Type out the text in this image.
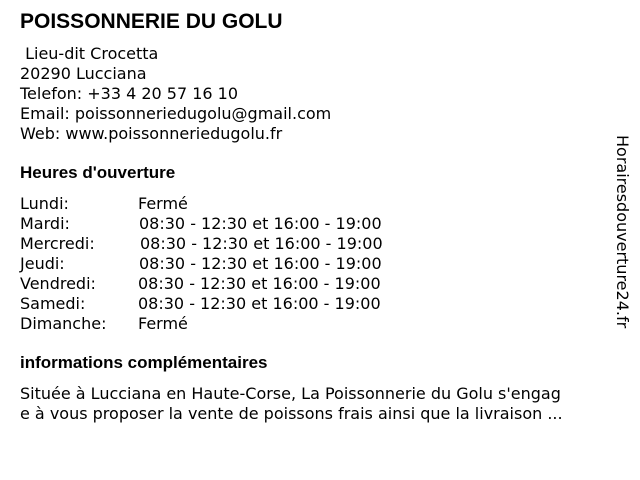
POISSONNERIE DU GOLU
Lieu-dit Crocetta
20290 Lucciana
Telefon: +33 4 20 57 16 10
Email: poissonneriedugolu@gmail.com
Web: www.poissonneriedugolu.fr
Heures d'ouverture
Lundi:	Fermé
Mardi:	08:30 - 12:30 et 16:00 - 19:00
Mercredi:	08:30 - 12:30 et 16:00 - 19:00
Jeudi:	08:30 - 12:30 et 16:00 - 19:00
Vendredi:	08:30 - 12:30 et 16:00 - 19:00
Samedi:	08:30 - 12:30 et 16:00 - 19:00
Dimanche: Fermé
informations complémentaires
Située à Lucciana en Haute-Corse, La Poissonnerie du Golu s'engag
e à vous proposer la vente de poissons frais ainsi que la livraison ...
Horairesdouverture24.fr
